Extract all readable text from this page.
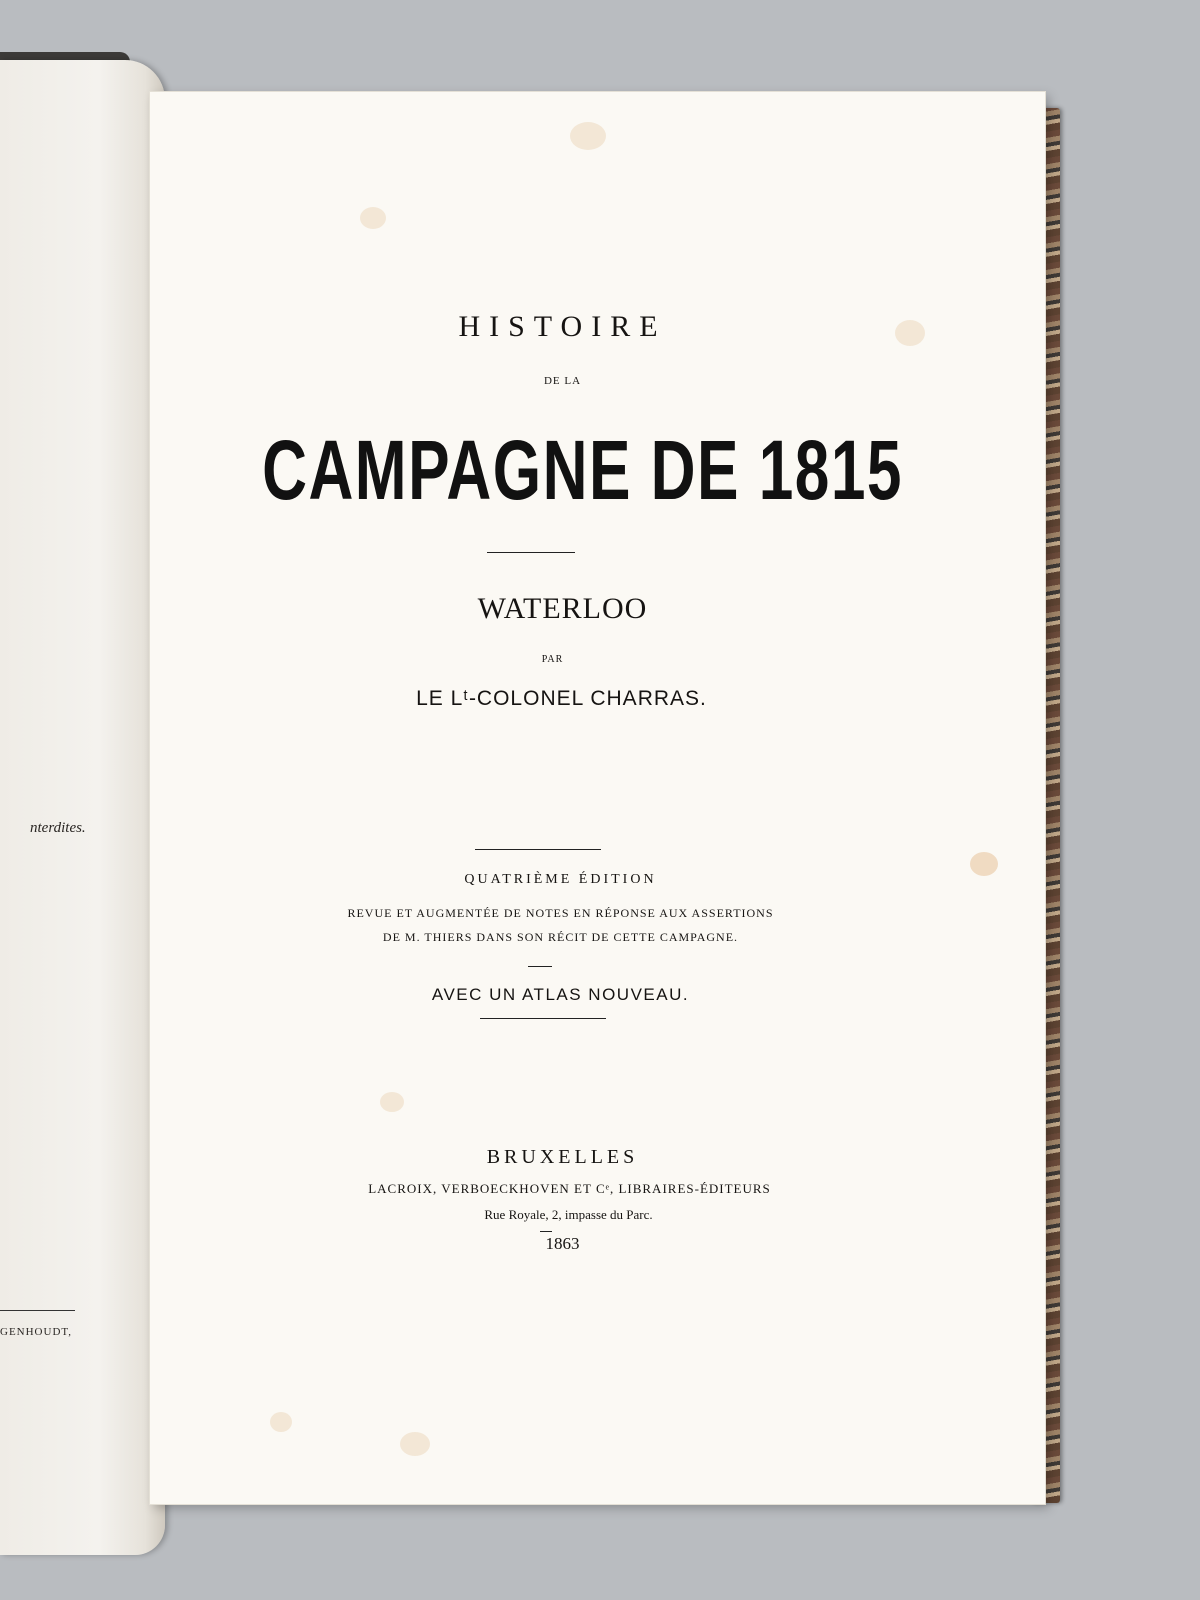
nterdites.
GENHOUDT,
HISTOIRE
DE LA
CAMPAGNE DE 1815
WATERLOO
PAR
LE Lᵗ-COLONEL CHARRAS.
QUATRIÈME ÉDITION
REVUE ET AUGMENTÉE DE NOTES EN RÉPONSE AUX ASSERTIONS
DE M. THIERS DANS SON RÉCIT DE CETTE CAMPAGNE.
AVEC UN ATLAS NOUVEAU.
BRUXELLES
LACROIX, VERBOECKHOVEN ET Cᵉ, LIBRAIRES-ÉDITEURS
Rue Royale, 2, impasse du Parc.
1863
